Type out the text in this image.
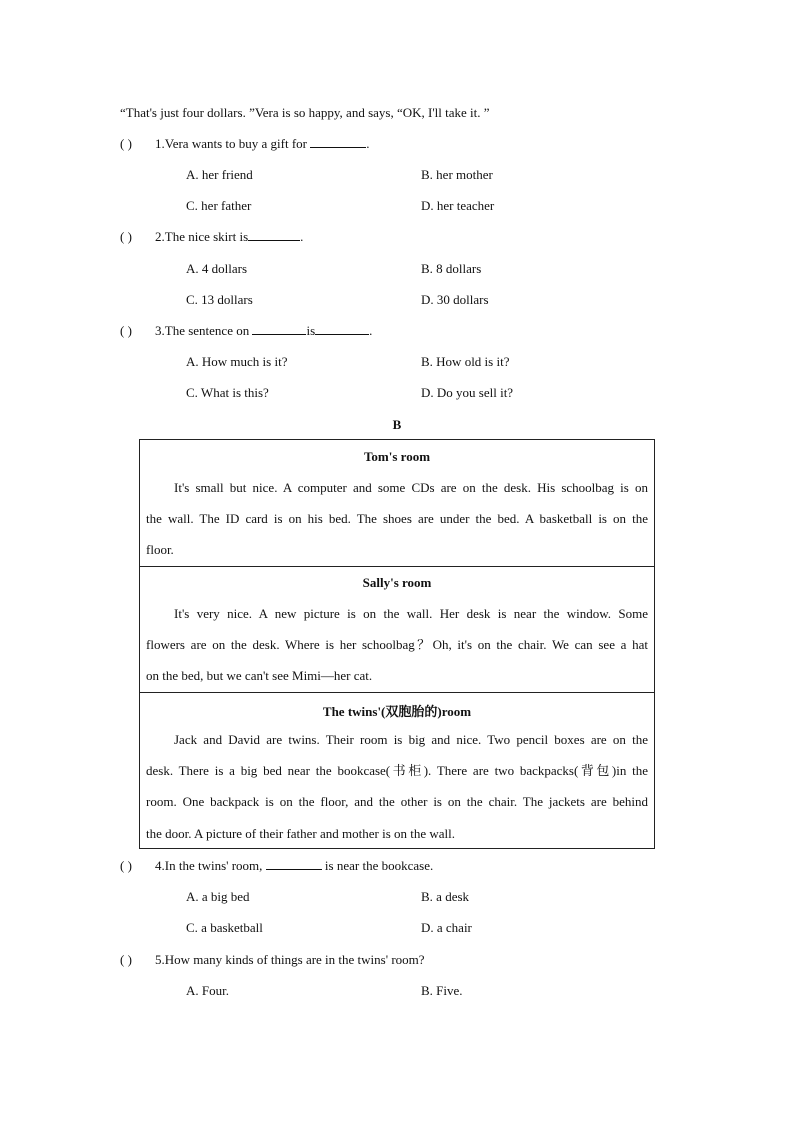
“That's just four dollars. ”Vera is so happy, and says, “OK, I'll take it. ”
( ) 1.Vera wants to buy a gift for	.
A. her friend	B. her mother
C. her father	D. her teacher
( ) 2.The nice skirt is	.
A. 4 dollars	B. 8 dollars
C. 13 dollars	D. 30 dollars
( ) 3.The sentence on	is	.
A. How much is it?	B. How old is it?
C. What is this?	D. Do you sell it?
B
Tom's room
It's small but nice. A computer and some CDs are on the desk. His schoolbag is on
the wall. The ID card is on his bed. The shoes are under the bed. A basketball is on the
floor.
Sally's room
It's very nice. A new picture is on the wall. Her desk is near the window. Some
flowers are on the desk. Where is her schoolbag？Oh, it's on the chair. We can see a hat
on the bed, but we can't see Mimi—her cat.
The twins'(双胞胎的)room
Jack and David are twins. Their room is big and nice. Two pencil boxes are on the
desk. There is a big bed near the bookcase(书柜). There are two backpacks(背包)in the
room. One backpack is on the floor, and the other is on the chair. The jackets are behind
the door. A picture of their father and mother is on the wall.
( ) 4.In the twins' room,	is near the bookcase.
A. a big bed	B. a desk
C. a basketball	D. a chair
( ) 5.How many kinds of things are in the twins' room?
A. Four.	B. Five.
